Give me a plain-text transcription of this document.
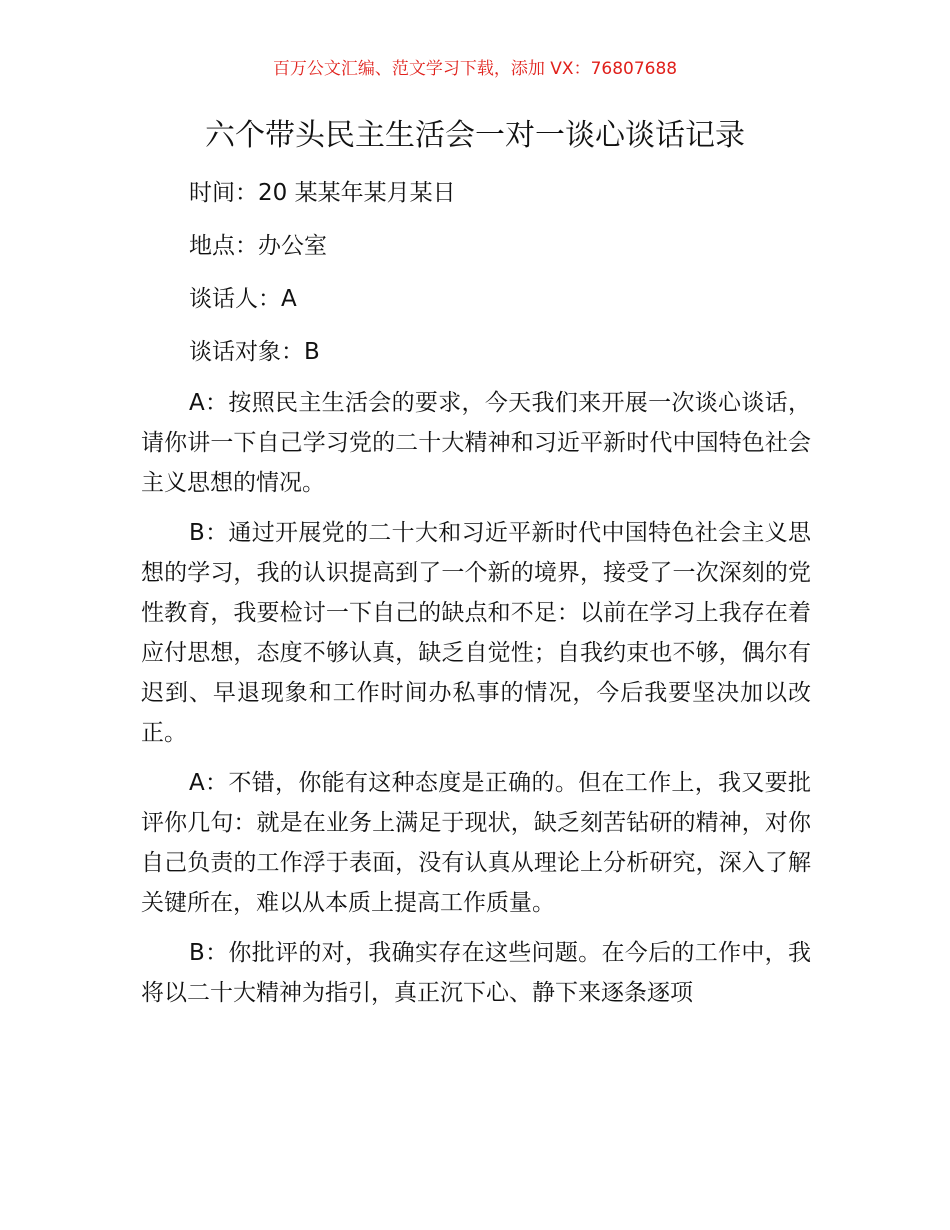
百万公文汇编、范文学习下载，添加 VX：76807688
六个带头民主生活会一对一谈心谈话记录
时间：20 某某年某月某日
地点：办公室
谈话人：A
谈话对象：B

A：按照民主生活会的要求，今天我们来开展一次谈心谈话，请你讲一下自己学习党的二十大精神和习近平新时代中国特色社会主义思想的情况。

B：通过开展党的二十大和习近平新时代中国特色社会主义思想的学习，我的认识提高到了一个新的境界，接受了一次深刻的党性教育，我要检讨一下自己的缺点和不足：以前在学习上我存在着应付思想，态度不够认真，缺乏自觉性；自我约束也不够，偶尔有迟到、早退现象和工作时间办私事的情况，今后我要坚决加以改正。

A：不错，你能有这种态度是正确的。但在工作上，我又要批评你几句：就是在业务上满足于现状，缺乏刻苦钻研的精神，对你自己负责的工作浮于表面，没有认真从理论上分析研究，深入了解关键所在，难以从本质上提高工作质量。

B：你批评的对，我确实存在这些问题。在今后的工作中，我将以二十大精神为指引，真正沉下心、静下来逐条逐项
